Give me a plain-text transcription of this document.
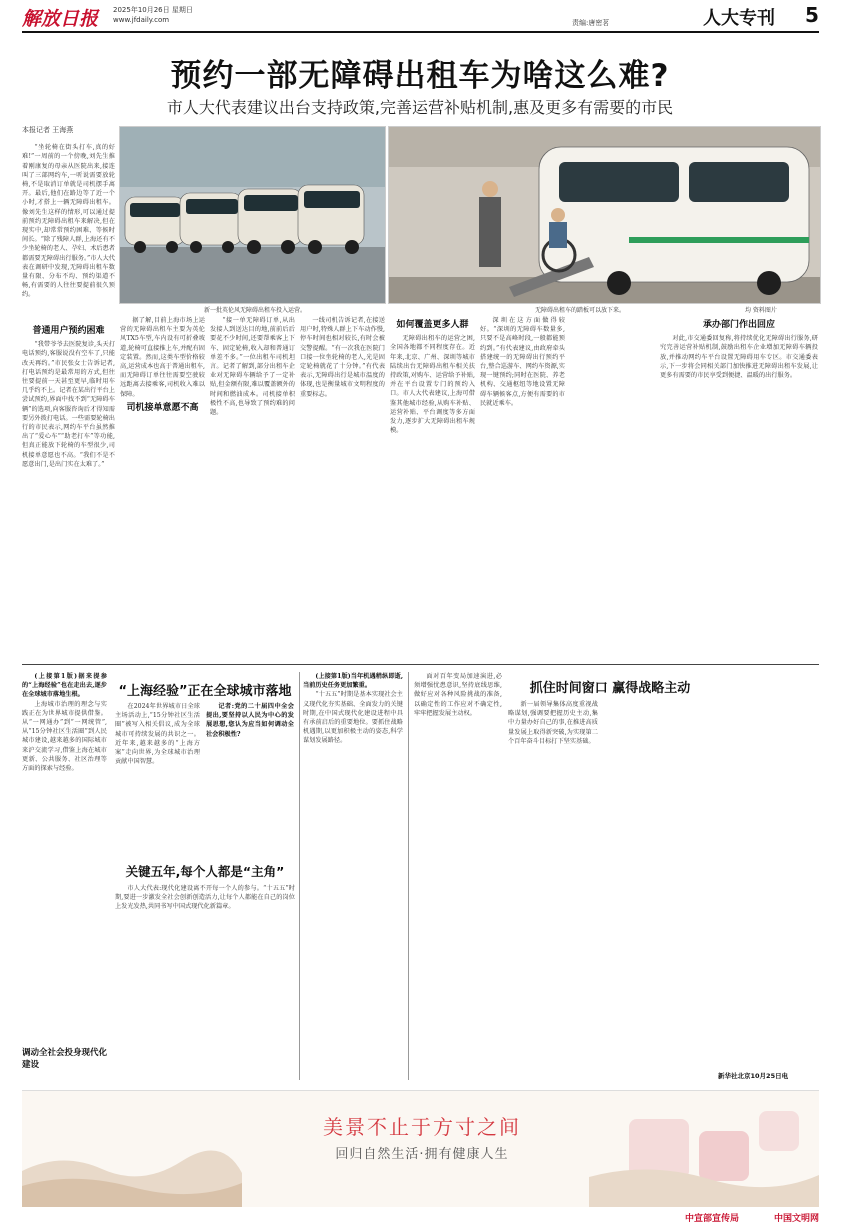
解放日报	2025年10月26日 星期日
www.jfdaily.com	责编:唐密茗	人大专刊 5
预约一部无障碍出租车为啥这么难?
市人大代表建议出台支持政策,完善运营补贴机制,惠及更多有需要的市民
本报记者 王海燕

“坐轮椅在街头打车,真的好难!”一周前的一个傍晚,刘先生推着刚康复的母亲从医院出来,接连叫了三部网约车,一听说需要放轮椅,不是取消订单就是司机摆手离开。最后,他们在路边等了近一个小时,才搭上一辆无障碍出租车。像刘先生这样的情形,可以通过提前预约无障碍出租车来解决,但在现实中,却常常预约困难、等候时间长。“除了残障人群,上海还有不少坐轮椅的老人、孕妇、术后患者都需要无障碍出行服务。”市人大代表在调研中发现,无障碍出租车数量有限、分布不均、预约渠道不畅,有需要的人往往要提前很久预约。

普通用户预约困难

“我带爷爷去医院复诊,头天打电话预约,客服说没有空车了,只能改天再约。”市民张女士告诉记者,打电话预约是最常用的方式,但往往要提前一天甚至更早,临时用车几乎约不上。记者在某出行平台上尝试预约,界面中找不到“无障碍车辆”的选项,向客服咨询后才得知需要另外拨打电话。一些需要轮椅出行的市民表示,网约车平台虽然推出了“爱心车”“助老打车”等功能,但真正能放下轮椅的车型很少,司机接单意愿也不高。“我们不是不愿意出门,是出门实在太难了。”

新一批英伦风无障碍出租车投入运营。	无障碍出租车的踏板可以放下来。	均 资料图片

据了解,目前上海市场上运营的无障碍出租车主要为英伦风TX5车型,车内设有可折叠坡道,轮椅可直接推上车,并配有固定装置。然而,这类车型价格较高,运营成本也高于普通出租车,而无障碍订单往往需要空驶较远距离去接乘客,司机收入难以保障。

司机接单意愿不高

“接一单无障碍订单,从出发接人到送达目的地,前前后后要花不少时间,还要帮乘客上下车、固定轮椅,收入却和普通订单差不多。”一位出租车司机坦言。记者了解到,部分出租车企业对无障碍车辆给予了一定补贴,但金额有限,难以覆盖额外的时间和燃油成本。司机接单积极性不高,也导致了预约难的问题。

一线司机告诉记者,在接送用户时,特殊人群上下车动作慢,停车时间也相对较长,有时会被交警提醒。“有一次我在医院门口接一位坐轮椅的老人,光是固定轮椅就花了十分钟。”有代表表示,无障碍出行是城市温度的体现,也是衡量城市文明程度的重要标志。

如何覆盖更多人群

无障碍出租车的运营之困,全国各地都不同程度存在。近年来,北京、广州、深圳等城市陆续出台无障碍出租车相关扶持政策,对购车、运营给予补贴,并在平台设置专门的预约入口。市人大代表建议,上海可借鉴其他城市经验,从购车补贴、运营补贴、平台调度等多方面发力,逐步扩大无障碍出租车规模。

深圳在这方面做得较好。“深圳的无障碍车数量多,只要不是高峰时段,一般都能预约到。”有代表建议,由政府牵头搭建统一的无障碍出行预约平台,整合巡游车、网约车资源,实现一键预约;同时在医院、养老机构、交通枢纽等地设置无障碍车辆候客点,方便有需要的市民就近乘车。

承办部门作出回应

对此,市交通委回复称,将持续优化无障碍出行服务,研究完善运营补贴机制,鼓励出租车企业增加无障碍车辆投放,并推动网约车平台设置无障碍用车专区。市交通委表示,下一步将会同相关部门加快推进无障碍出租车发展,让更多有需要的市民享受到便捷、温暖的出行服务。

(上接第1版)据来提参的“上海经验”也在走出去,逐步在全球城市落地生根。

上海城市治理的理念与实践正在为世界城市提供借鉴。从“一网通办”到“一网统管”,从“15分钟社区生活圈”到人民城市建设,越来越多的国际城市来沪交流学习,借鉴上海在城市更新、公共服务、社区治理等方面的探索与经验。

“上海经验”正在全球城市落地

在2024年世界城市日全球主场活动上,“15分钟社区生活圈”被写入相关倡议,成为全球城市可持续发展的共识之一。近年来,越来越多的“上海方案”走向世界,为全球城市治理贡献中国智慧。

记者:党的二十届四中全会提出,要坚持以人民为中心的发展思想,您认为应当如何调动全社会积极性?

关键五年,每个人都是“主角”

市人大代表:现代化建设离不开每一个人的参与。“十五五”时期,要进一步激发全社会创新创造活力,让每个人都能在自己的岗位上发光发热,共同书写中国式现代化新篇章。

调动全社会投身现代化建设

(上接第1版)当年机遇稍纵即逝,当前历史任务更加繁重。

“十五五”时期是基本实现社会主义现代化夯实基础、全面发力的关键时期,在中国式现代化建设进程中具有承前启后的重要地位。要抓住战略机遇期,以更加积极主动的姿态,科学谋划发展路径。

抓住时间窗口 赢得战略主动

面对百年变局加速演进,必须增强忧患意识,坚持底线思维,做好应对各种风险挑战的准备,以确定性的工作应对不确定性,牢牢把握发展主动权。

新一届领导集体高度重视战略谋划,强调要把握历史主动,集中力量办好自己的事,在推进高质量发展上取得新突破,为实现第二个百年奋斗目标打下坚实基础。

新华社北京10月25日电
美景不止于方寸之间
回归自然生活·拥有健康人生
中宣部宣传局	中国文明网
